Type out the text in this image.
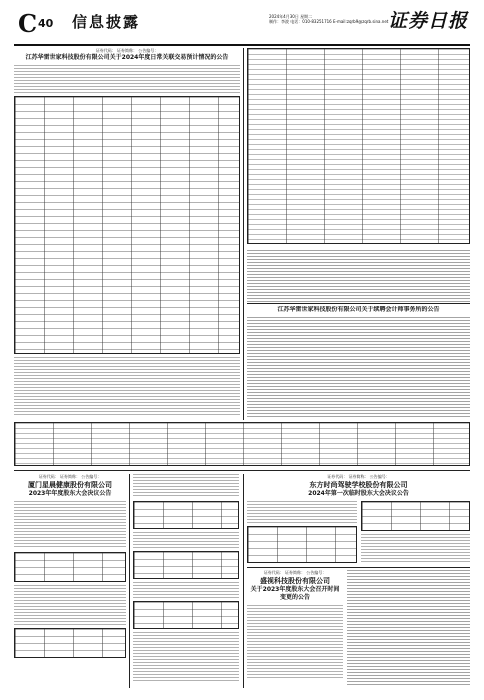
C 40 信息披露	2024年4月30日 星期二
制作：李波 电话：010-83251716 E-mail:zqrb9@zqrb.sina.net 证券日报
证券代码： 证券简称： 公告编号：
江苏华雷世家科技股份有限公司关于2024年度日常关联交易预计情况的公告
江苏华雷世家科技股份有限公司关于续聘会计师事务所的公告
证券代码： 证券简称： 公告编号：
厦门星晨健康股份有限公司
2023年年度股东大会决议公告
证券代码： 证券简称： 公告编号：
东方时尚驾驶学校股份有限公司
2024年第一次临时股东大会决议公告
证券代码： 证券简称： 公告编号：
盛视科技股份有限公司
关于2023年度股东大会召开时间
变更的公告
